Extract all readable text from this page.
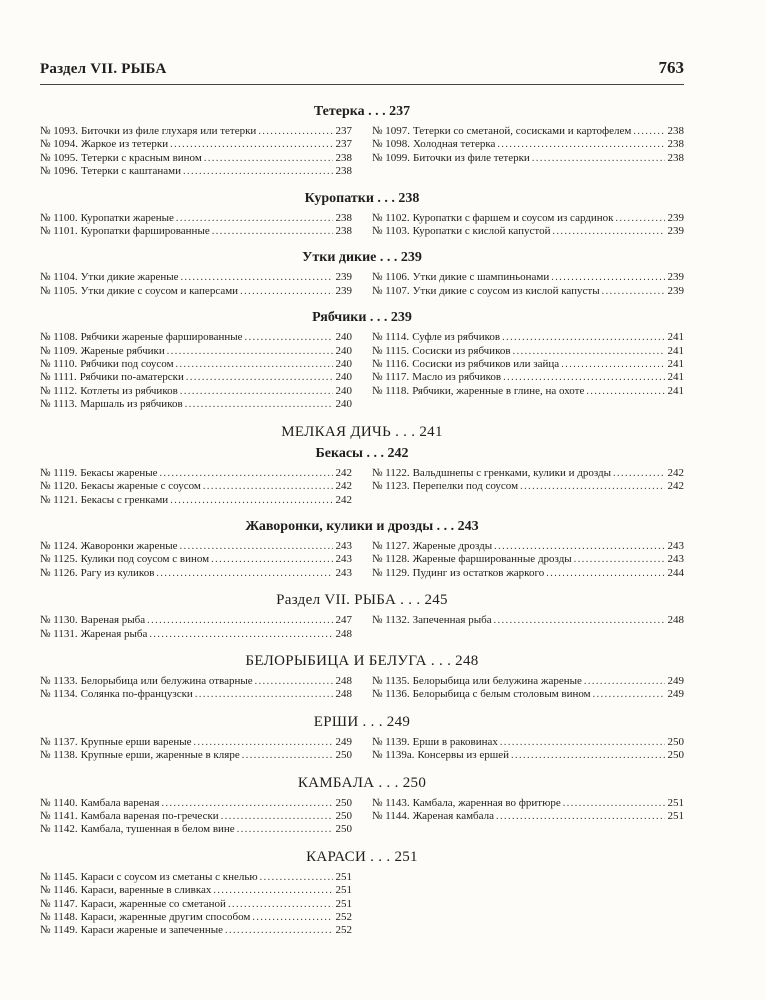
Раздел VII. РЫБА	763
Тетерка . . . 237
№ 1093. Биточки из филе глухаря или тетерки .....	237
№ 1094. Жаркое из тетерки .....	237
№ 1095. Тетерки с красным вином .....	238
№ 1096. Тетерки с каштанами .....	238
№ 1097. Тетерки со сметаной, сосисками и картофелем .....	238
№ 1098. Холодная тетерка .....	238
№ 1099. Биточки из филе тетерки .....	238
Куропатки . . . 238
№ 1100. Куропатки жареные .....	238
№ 1101. Куропатки фаршированные .....	238
№ 1102. Куропатки с фаршем и соусом из сардинок .....	239
№ 1103. Куропатки с кислой капустой .....	239
Утки дикие . . . 239
№ 1104. Утки дикие жареные .....	239
№ 1105. Утки дикие с соусом и каперсами .....	239
№ 1106. Утки дикие с шампиньонами .....	239
№ 1107. Утки дикие с соусом из кислой капусты .....	239
Рябчики . . . 239
№ 1108. Рябчики жареные фаршированные .....	240
№ 1109. Жареные рябчики .....	240
№ 1110. Рябчики под соусом .....	240
№ 1111. Рябчики по-аматерски .....	240
№ 1112. Котлеты из рябчиков .....	240
№ 1113. Маршаль из рябчиков .....	240
№ 1114. Суфле из рябчиков .....	241
№ 1115. Сосиски из рябчиков .....	241
№ 1116. Сосиски из рябчиков или зайца .....	241
№ 1117. Масло из рябчиков .....	241
№ 1118. Рябчики, жаренные в глине, на охоте .....	241
МЕЛКАЯ ДИЧЬ . . . 241
Бекасы . . . 242
№ 1119. Бекасы жареные .....	242
№ 1120. Бекасы жареные с соусом .....	242
№ 1121. Бекасы с гренками .....	242
№ 1122. Вальдшнепы с гренками, кулики и дрозды .....	242
№ 1123. Перепелки под соусом .....	242
Жаворонки, кулики и дрозды . . . 243
№ 1124. Жаворонки жареные .....	243
№ 1125. Кулики под соусом с вином .....	243
№ 1126. Рагу из куликов .....	243
№ 1127. Жареные дрозды .....	243
№ 1128. Жареные фаршированные дрозды .....	243
№ 1129. Пудинг из остатков жаркого .....	244
Раздел VII. РЫБА . . . 245
№ 1130. Вареная рыба .....	247
№ 1131. Жареная рыба .....	248
№ 1132. Запеченная рыба .....	248
БЕЛОРЫБИЦА И БЕЛУГА . . . 248
№ 1133. Белорыбица или белужина отварные .....	248
№ 1134. Солянка по-французски .....	248
№ 1135. Белорыбица или белужина жареные .....	249
№ 1136. Белорыбица с белым столовым вином .....	249
ЕРШИ . . . 249
№ 1137. Крупные ерши вареные .....	249
№ 1138. Крупные ерши, жаренные в кляре .....	250
№ 1139. Ерши в раковинах .....	250
№ 1139а. Консервы из ершей .....	250
КАМБАЛА . . . 250
№ 1140. Камбала вареная .....	250
№ 1141. Камбала вареная по-гречески .....	250
№ 1142. Камбала, тушенная в белом вине .....	250
№ 1143. Камбала, жаренная во фритюре .....	251
№ 1144. Жареная камбала .....	251
КАРАСИ . . . 251
№ 1145. Караси с соусом из сметаны с кнелью .....	251
№ 1146. Караси, варенные в сливках .....	251
№ 1147. Караси, жаренные со сметаной .....	251
№ 1148. Караси, жаренные другим способом .....	252
№ 1149. Караси жареные и запеченные .....	252
